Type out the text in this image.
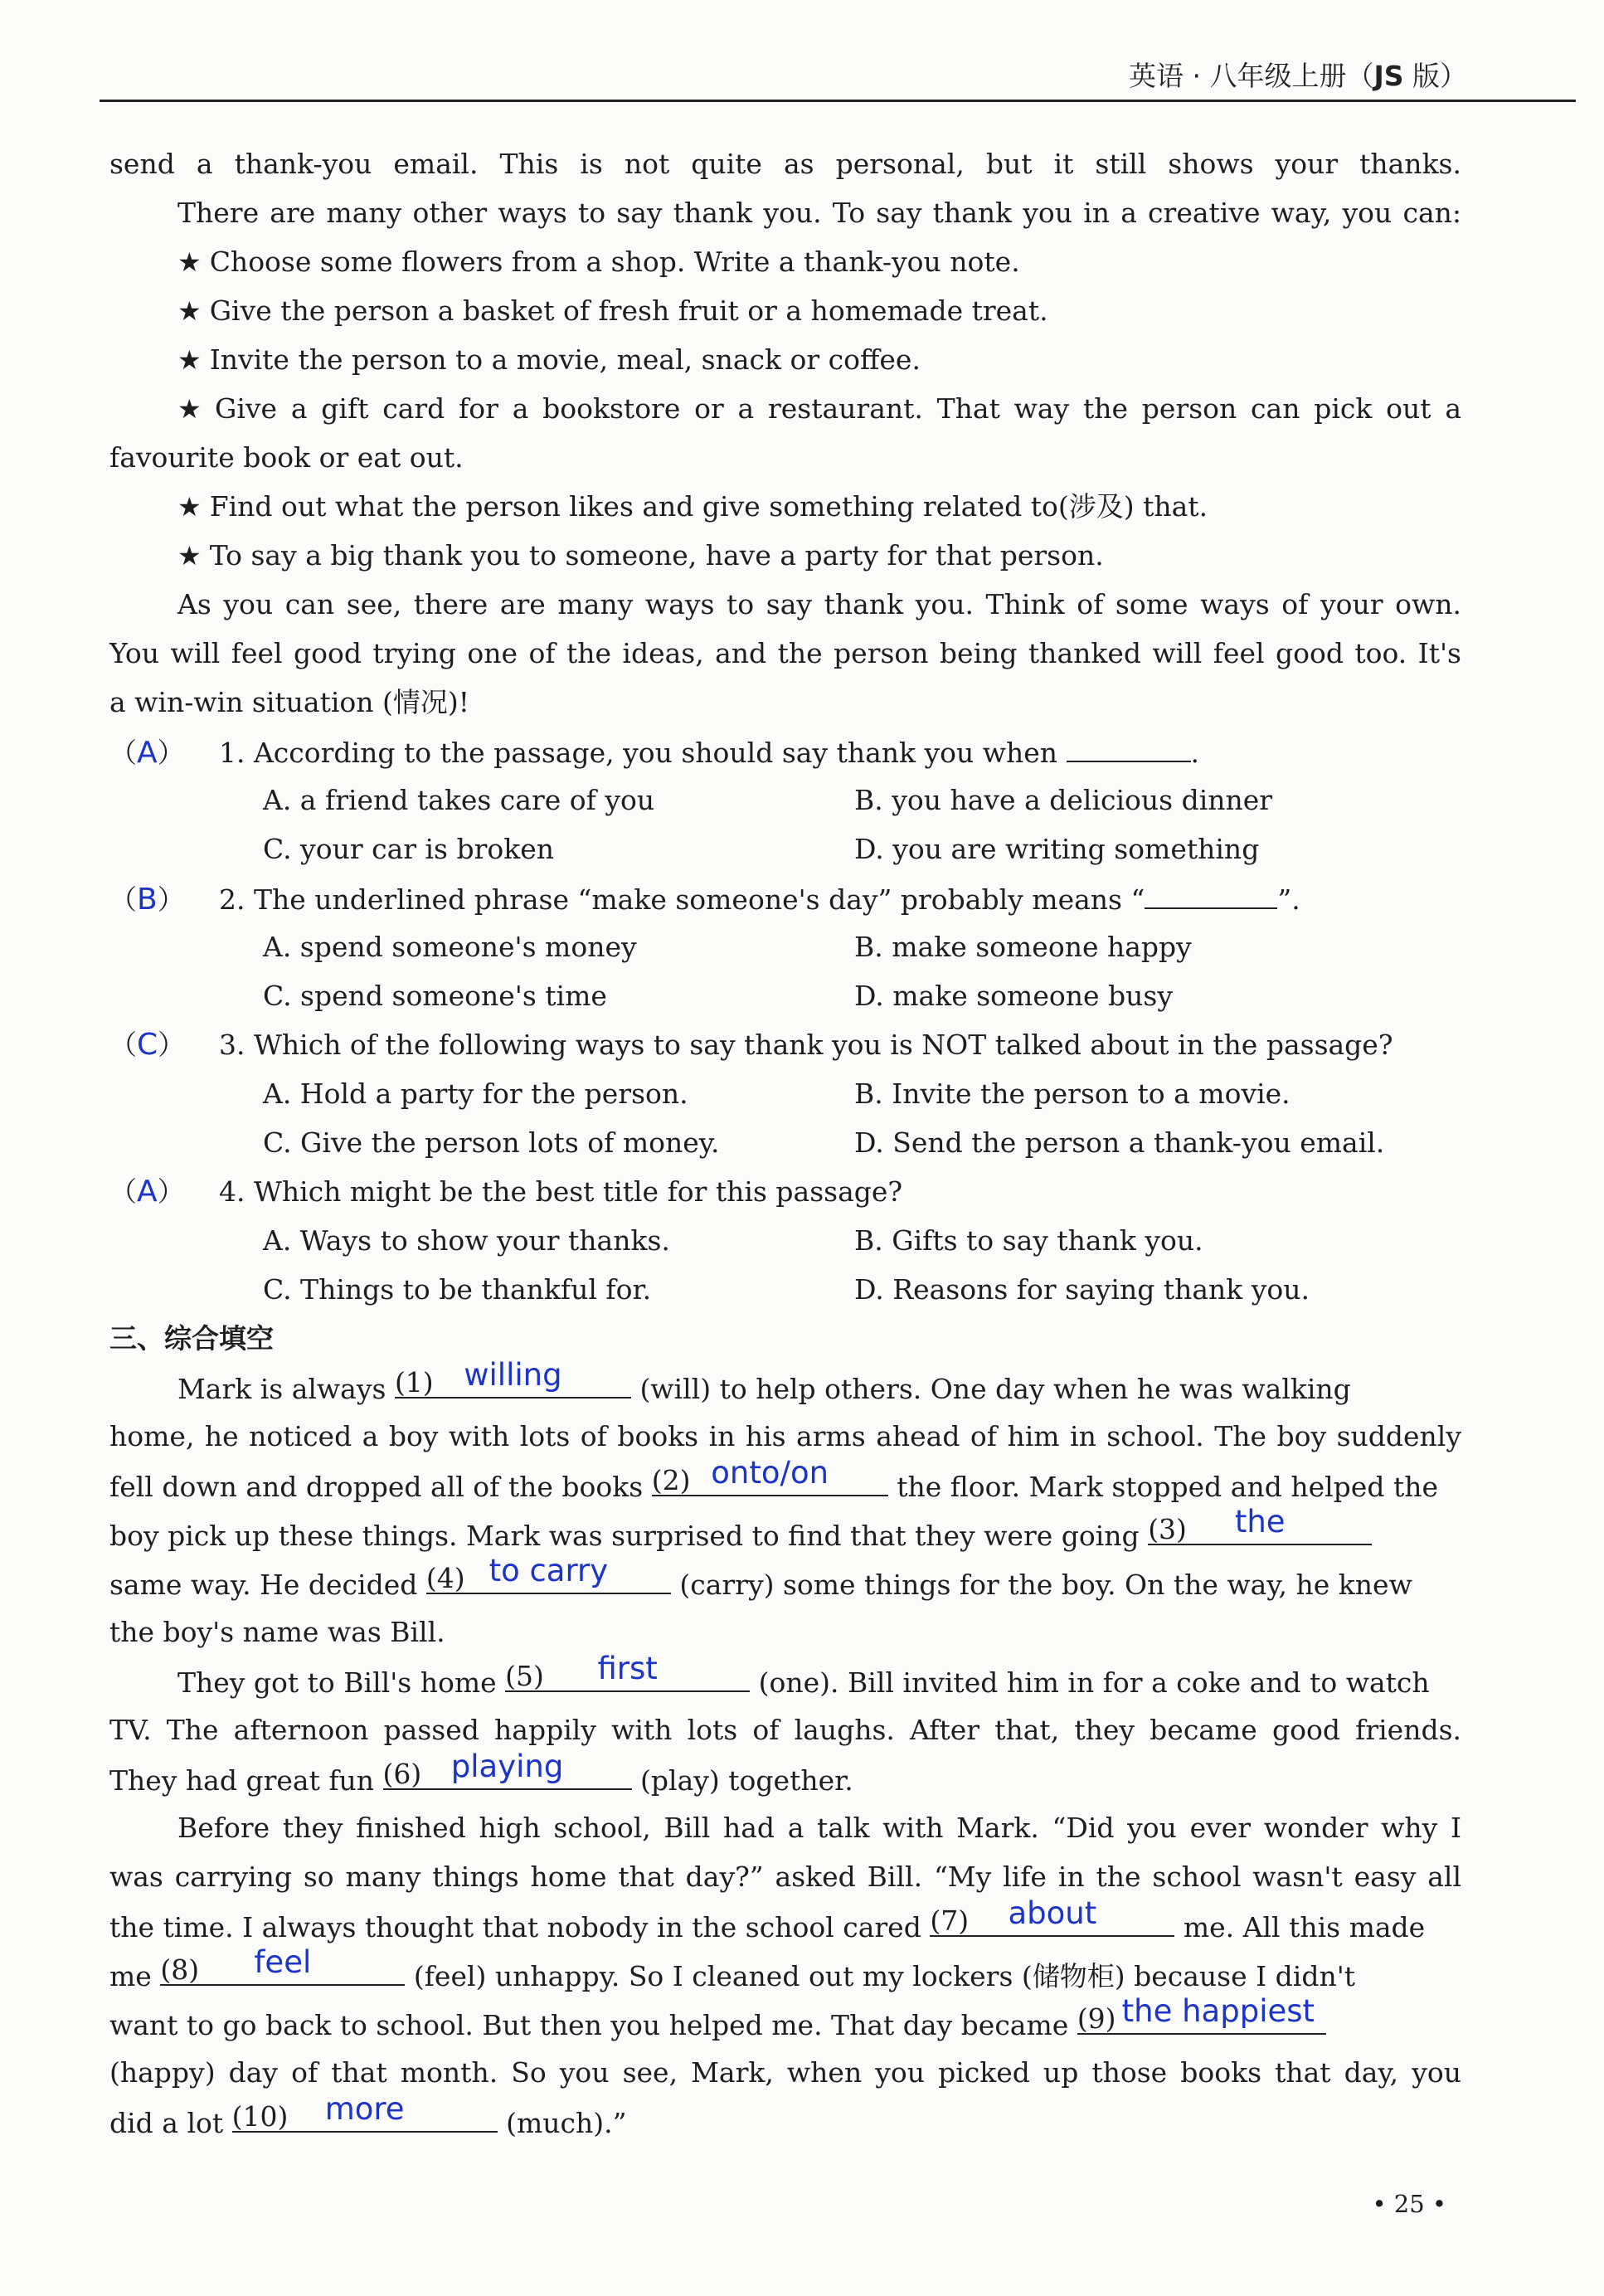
英语 · 八年级上册（JS 版）
send a thank-you email. This is not quite as personal, but it still shows your thanks.
There are many other ways to say thank you. To say thank you in a creative way, you can:
★ Choose some flowers from a shop. Write a thank-you note.
★ Give the person a basket of fresh fruit or a homemade treat.
★ Invite the person to a movie, meal, snack or coffee.
★ Give a gift card for a bookstore or a restaurant. That way the person can pick out a
favourite book or eat out.
★ Find out what the person likes and give something related to(涉及) that.
★ To say a big thank you to someone, have a party for that person.
As you can see, there are many ways to say thank you. Think of some ways of your own.
You will feel good trying one of the ideas, and the person being thanked will feel good too. It's
a win-win situation (情况)!
（A） 1. According to the passage, you should say thank you when	.
A. a friend takes care of you	B. you have a delicious dinner
C. your car is broken	D. you are writing something
（B） 2. The underlined phrase “make someone's day” probably means “	”.
A. spend someone's money	B. make someone happy
C. spend someone's time	D. make someone busy
（C） 3. Which of the following ways to say thank you is NOT talked about in the passage?
A. Hold a party for the person.	B. Invite the person to a movie.
C. Give the person lots of money.	D. Send the person a thank-you email.
（A） 4. Which might be the best title for this passage?
A. Ways to show your thanks.	B. Gifts to say thank you.
C. Things to be thankful for.	D. Reasons for saying thank you.
三、综合填空
Mark is always (1) willing	(will) to help others. One day when he was walking
home, he noticed a boy with lots of books in his arms ahead of him in school. The boy suddenly
fell down and dropped all of the books (2) onto/on	the floor. Mark stopped and helped the
boy pick up these things. Mark was surprised to find that they were going (3)	the
same way. He decided (4) to carry	(carry) some things for the boy. On the way, he knew
the boy's name was Bill.
They got to Bill's home (5)	first	(one). Bill invited him in for a coke and to watch
TV. The afternoon passed happily with lots of laughs. After that, they became good friends.
They had great fun (6) playing	(play) together.
Before they finished high school, Bill had a talk with Mark. “Did you ever wonder why I
was carrying so many things home that day?” asked Bill. “My life in the school wasn't easy all
the time. I always thought that nobody in the school cared (7)	about	me. All this made
me (8)	feel	(feel) unhappy. So I cleaned out my lockers (储物柜) because I didn't
want to go back to school. But then you helped me. That day became (9) the happiest
(happy) day of that month. So you see, Mark, when you picked up those books that day, you
did a lot (10)	more	(much).”
• 25 •
